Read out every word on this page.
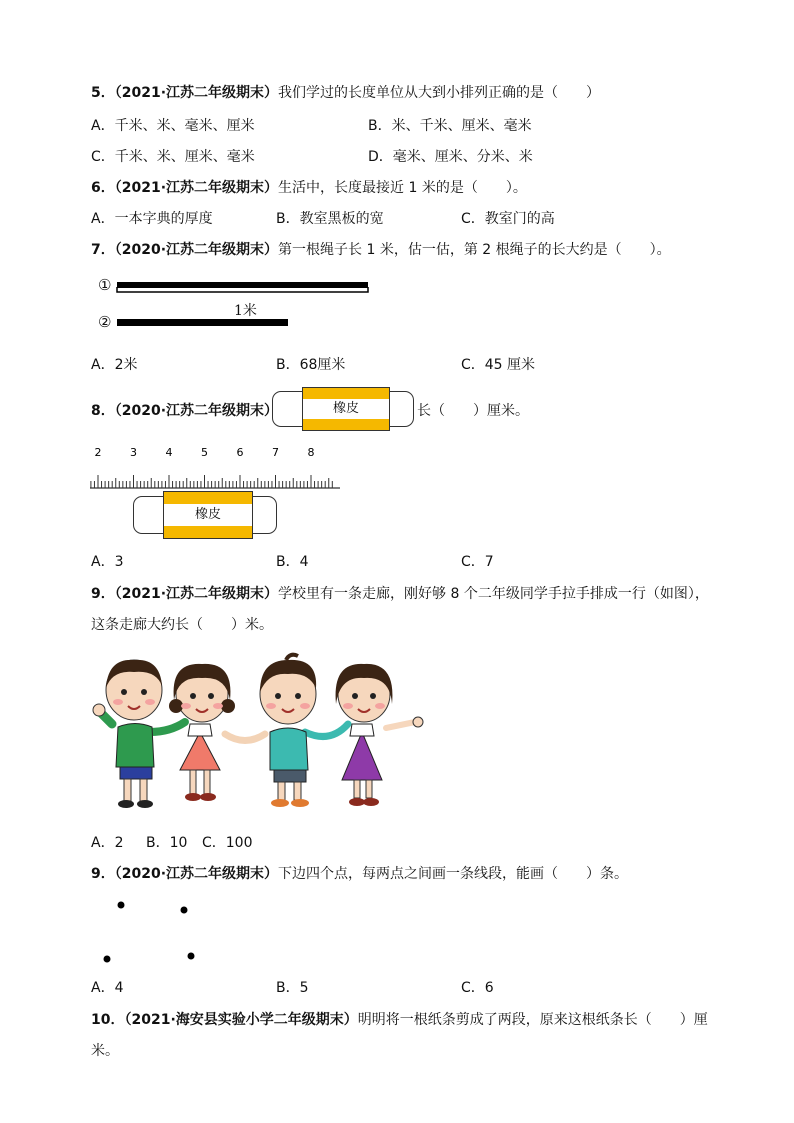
5．（2021·江苏二年级期末）我们学过的长度单位从大到小排列正确的是（　　）
A．千米、米、毫米、厘米	B．米、千米、厘米、毫米
C．千米、米、厘米、毫米	D．毫米、厘米、分米、米
6．（2021·江苏二年级期末）生活中，长度最接近 1 米的是（　　）。
A．一本字典的厚度	B．教室黑板的宽	C．教室门的高
7．（2020·江苏二年级期末）第一根绳子长 1 米，估一估，第 2 根绳子的长大约是（　　）。
①
1米
②
A．2米	B．68厘米	C．45 厘米
8．（2020·江苏二年级期末）	橡皮	长（　　）厘米。
2	3	4	5	6	7	8
橡皮
A．3	B．4	C．7
9．（2021·江苏二年级期末）学校里有一条走廊，刚好够 8 个二年级同学手拉手排成一行（如图），
这条走廊大约长（　　）米。
A．2 B．10 C．100
9．（2020·江苏二年级期末）下边四个点，每两点之间画一条线段，能画（　　）条。
A．4	B．5	C．6
10．（2021·海安县实验小学二年级期末）明明将一根纸条剪成了两段，原来这根纸条长（　　）厘
米。
